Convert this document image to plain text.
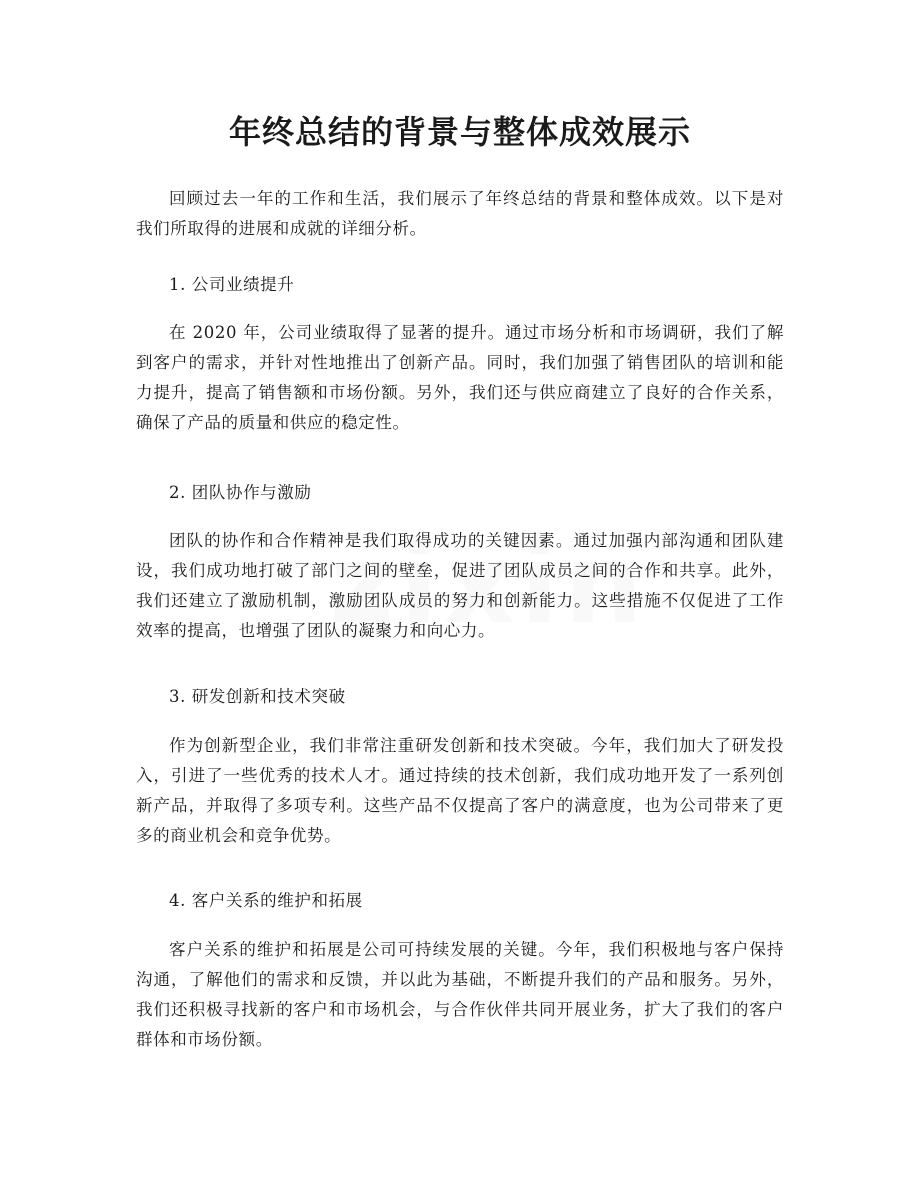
年终总结的背景与整体成效展示

回顾过去一年的工作和生活，我们展示了年终总结的背景和整体成效。以下是对我们所取得的进展和成就的详细分析。

1. 公司业绩提升

在 2020 年，公司业绩取得了显著的提升。通过市场分析和市场调研，我们了解到客户的需求，并针对性地推出了创新产品。同时，我们加强了销售团队的培训和能力提升，提高了销售额和市场份额。另外，我们还与供应商建立了良好的合作关系，确保了产品的质量和供应的稳定性。

2. 团队协作与激励

团队的协作和合作精神是我们取得成功的关键因素。通过加强内部沟通和团队建设，我们成功地打破了部门之间的壁垒，促进了团队成员之间的合作和共享。此外，我们还建立了激励机制，激励团队成员的努力和创新能力。这些措施不仅促进了工作效率的提高，也增强了团队的凝聚力和向心力。

3. 研发创新和技术突破

作为创新型企业，我们非常注重研发创新和技术突破。今年，我们加大了研发投入，引进了一些优秀的技术人才。通过持续的技术创新，我们成功地开发了一系列创新产品，并取得了多项专利。这些产品不仅提高了客户的满意度，也为公司带来了更多的商业机会和竞争优势。

4. 客户关系的维护和拓展

客户关系的维护和拓展是公司可持续发展的关键。今年，我们积极地与客户保持沟通，了解他们的需求和反馈，并以此为基础，不断提升我们的产品和服务。另外，我们还积极寻找新的客户和市场机会，与合作伙伴共同开展业务，扩大了我们的客户群体和市场份额。
